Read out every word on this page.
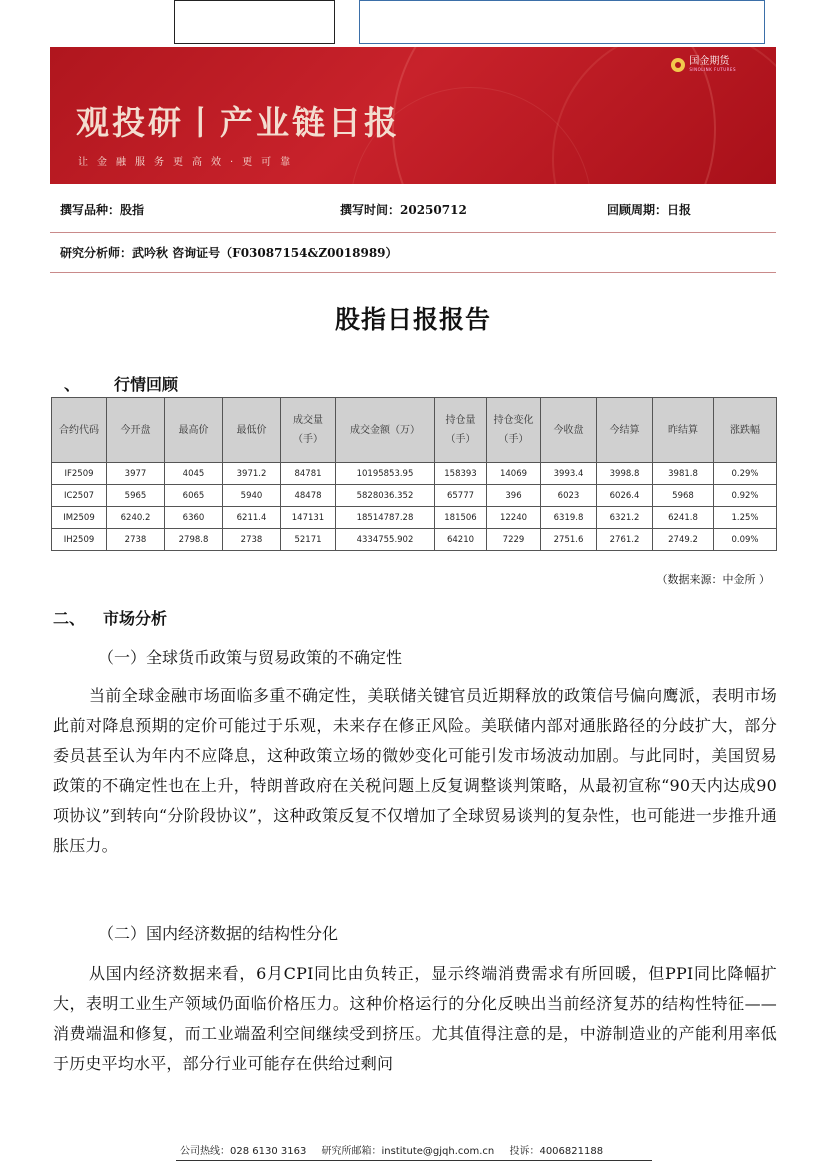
国金期货
SINOLINK FUTURES
观投研丨产业链日报
让金融服务更高效·更可靠
撰写品种：股指	撰写时间：20250712	回顾周期：日报
研究分析师：武吟秋 咨询证号（F03087154&Z0018989）
股指日报报告
、 行情回顾
合约代码	今开盘	最高价	最低价	成交量（手）	成交金额（万）	持仓量（手）	持仓变化（手）	今收盘	今结算	昨结算	涨跌幅
IF2509	3977	4045	3971.2	84781	10195853.95	158393	14069	3993.4	3998.8	3981.8	0.29%
IC2507	5965	6065	5940	48478	5828036.352	65777	396	6023	6026.4	5968	0.92%
IM2509	6240.2	6360	6211.4	147131	18514787.28	181506	12240	6319.8	6321.2	6241.8	1.25%
IH2509	2738	2798.8	2738	52171	4334755.902	64210	7229	2751.6	2761.2	2749.2	0.09%
（数据来源：中金所 ）
二、 市场分析
（一）全球货币政策与贸易政策的不确定性
当前全球金融市场面临多重不确定性，美联储关键官员近期释放的政策信号偏向鹰派，表明市场此前对降息预期的定价可能过于乐观，未来存在修正风险。美联储内部对通胀路径的分歧扩大，部分委员甚至认为年内不应降息，这种政策立场的微妙变化可能引发市场波动加剧。与此同时，美国贸易政策的不确定性也在上升，特朗普政府在关税问题上反复调整谈判策略，从最初宣称“90天内达成90项协议”到转向“分阶段协议”，这种政策反复不仅增加了全球贸易谈判的复杂性，也可能进一步推升通胀压力。
（二）国内经济数据的结构性分化
从国内经济数据来看，6月CPI同比由负转正，显示终端消费需求有所回暖，但PPI同比降幅扩大，表明工业生产领域仍面临价格压力。这种价格运行的分化反映出当前经济复苏的结构性特征——消费端温和修复，而工业端盈利空间继续受到挤压。尤其值得注意的是，中游制造业的产能利用率低于历史平均水平，部分行业可能存在供给过剩问
公司热线：028 6130 3163 研究所邮箱：institute@gjqh.com.cn 投诉：4006821188
